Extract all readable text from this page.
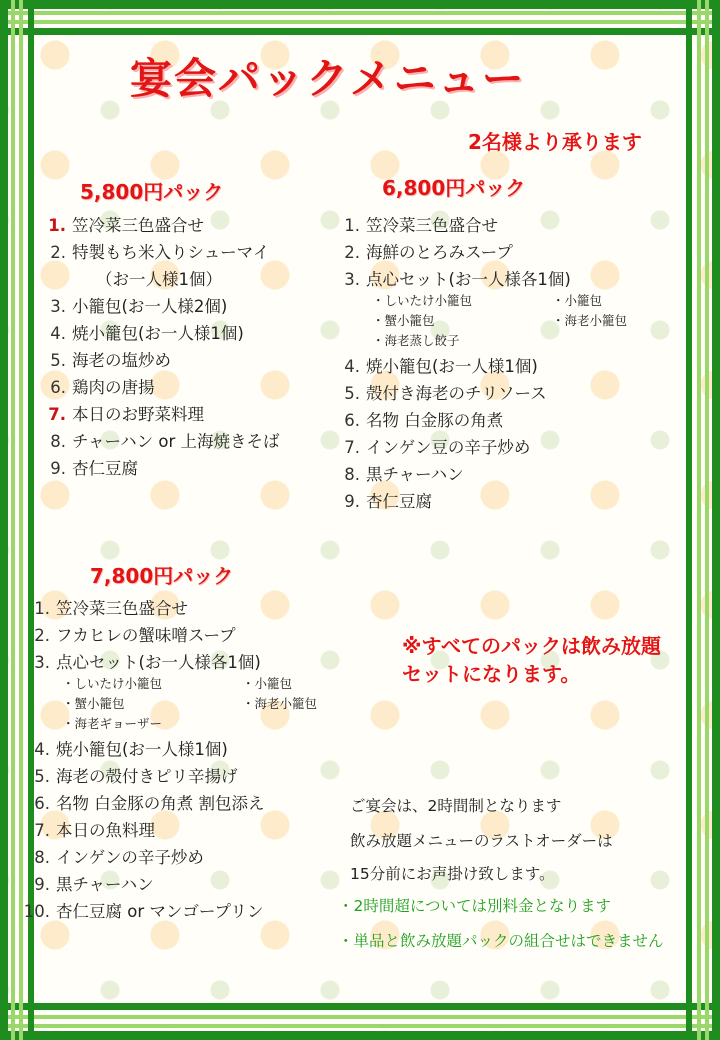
宴会パックメニュー
2名様より承ります
5,800円パック
1. 笠冷菜三色盛合せ
2. 特製もち米入りシューマイ
（お一人様1個）
3. 小籠包(お一人様2個)
4. 焼小籠包(お一人様1個)
5. 海老の塩炒め
6. 鶏肉の唐揚
7. 本日のお野菜料理
8. チャーハン or 上海焼きそば
9. 杏仁豆腐
6,800円パック
1. 笠冷菜三色盛合せ
2. 海鮮のとろみスープ
3. 点心セット(お一人様各1個)
・しいたけ小籠包	・小籠包
・蟹小籠包	・海老小籠包
・海老蒸し餃子
4. 焼小籠包(お一人様1個)
5. 殻付き海老のチリソース
6. 名物 白金豚の角煮
7. インゲン豆の辛子炒め
8. 黒チャーハン
9. 杏仁豆腐
7,800円パック
1. 笠冷菜三色盛合せ
2. フカヒレの蟹味噌スープ
3. 点心セット(お一人様各1個)
・しいたけ小籠包	・小籠包
・蟹小籠包	・海老小籠包
・海老ギョーザー
4. 焼小籠包(お一人様1個)
5. 海老の殻付きピリ辛揚げ
6. 名物 白金豚の角煮 割包添え
7. 本日の魚料理
8. インゲンの辛子炒め
9. 黒チャーハン
10. 杏仁豆腐 or マンゴープリン
※すべてのパックは飲み放題セットになります。
ご宴会は、2時間制となります
飲み放題メニューのラストオーダーは
15分前にお声掛け致します。
・2時間超については別料金となります
・単品と飲み放題パックの組合せはできません
